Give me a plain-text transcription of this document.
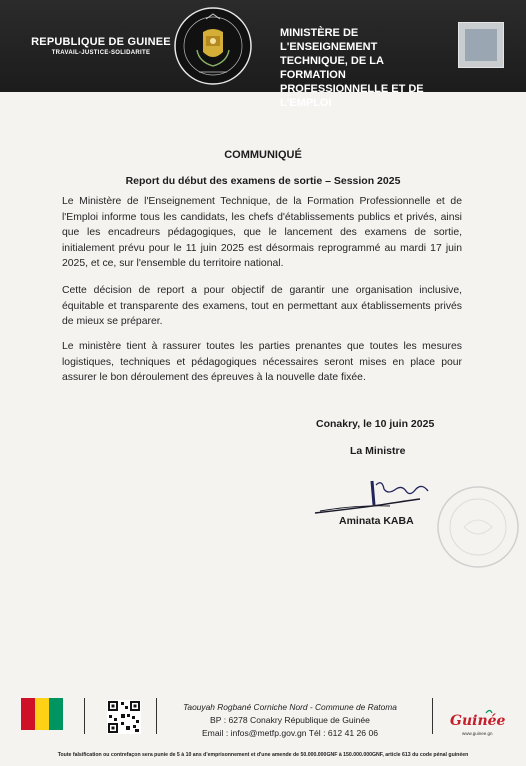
REPUBLIQUE DE GUINEE
TRAVAIL-JUSTICE-SOLIDARITE
MINISTÈRE DE L'ENSEIGNEMENT
TECHNIQUE, DE LA FORMATION
PROFESSIONNELLE ET DE L'EMPLOI
COMMUNIQUÉ
Report du début des examens de sortie – Session 2025

Le Ministère de l'Enseignement Technique, de la Formation Professionnelle et de l'Emploi informe tous les candidats, les chefs d'établissements publics et privés, ainsi que les encadreurs pédagogiques, que le lancement des examens de sortie, initialement prévu pour le 11 juin 2025 est désormais reprogrammé au mardi 17 juin 2025, et ce, sur l'ensemble du territoire national.

Cette décision de report a pour objectif de garantir une organisation inclusive, équitable et transparente des examens, tout en permettant aux établissements privés de mieux se préparer.

Le ministère tient à rassurer toutes les parties prenantes que toutes les mesures logistiques, techniques et pédagogiques nécessaires seront mises en place pour assurer le bon déroulement des épreuves à la nouvelle date fixée.

Conakry, le 10 juin 2025
La Ministre
Aminata KABA
Taouyah Rogbané Corniche Nord - Commune de Ratoma
BP : 6278 Conakry République de Guinée
Email : infos@metfp.gov.gn Tél : 612 41 26 06
Guinée
www.guinee.gn
Toute falsification ou contrefaçon sera punie de 5 à 10 ans d'emprisonnement et d'une amende de 50.000.000GNF à 150.000.000GNF, article 613 du code pénal guinéen
